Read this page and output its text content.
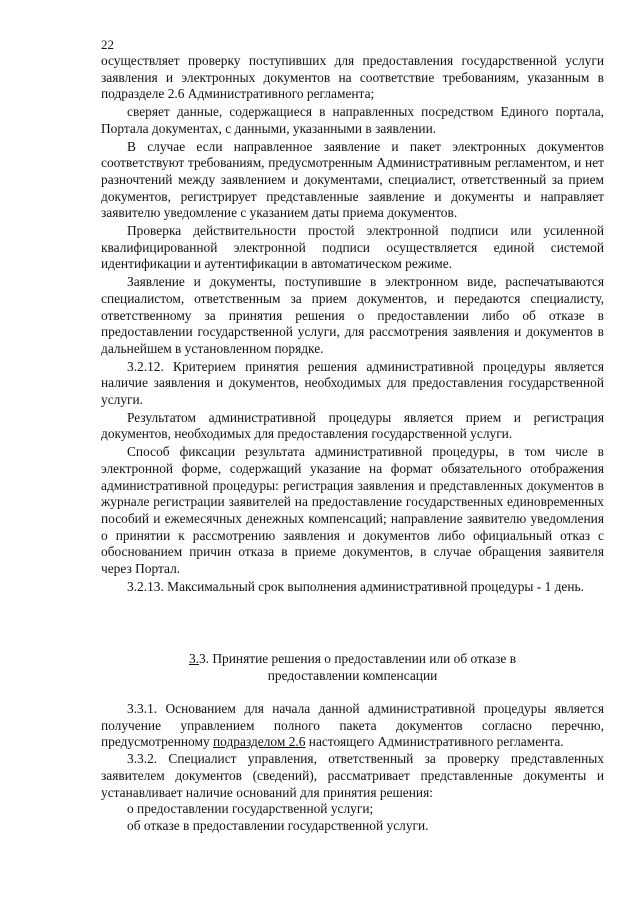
22

осуществляет проверку поступивших для предоставления государственной услуги заявления и электронных документов на соответствие требованиям, указанным в подразделе 2.6 Административного регламента;

сверяет данные, содержащиеся в направленных посредством Единого портала, Портала документах, с данными, указанными в заявлении.

В случае если направленное заявление и пакет электронных документов соответствуют требованиям, предусмотренным Административным регламентом, и нет разночтений между заявлением и документами, специалист, ответственный за прием документов, регистрирует представленные заявление и документы и направляет заявителю уведомление с указанием даты приема документов.

Проверка действительности простой электронной подписи или усиленной квалифицированной электронной подписи осуществляется единой системой идентификации и аутентификации в автоматическом режиме.

Заявление и документы, поступившие в электронном виде, распечатываются специалистом, ответственным за прием документов, и передаются специалисту, ответственному за принятия решения о предоставлении либо об отказе в предоставлении государственной услуги, для рассмотрения заявления и документов в дальнейшем в установленном порядке.

3.2.12. Критерием принятия решения административной процедуры является наличие заявления и документов, необходимых для предоставления государственной услуги.

Результатом административной процедуры является прием и регистрация документов, необходимых для предоставления государственной услуги.

Способ фиксации результата административной процедуры, в том числе в электронной форме, содержащий указание на формат обязательного отображения административной процедуры: регистрация заявления и представленных документов в журнале регистрации заявителей на предоставление государственных единовременных пособий и ежемесячных денежных компенсаций; направление заявителю уведомления о принятии к рассмотрению заявления и документов либо официальный отказ с обоснованием причин отказа в приеме документов, в случае обращения заявителя через Портал.

3.2.13. Максимальный срок выполнения административной процедуры - 1 день.

3.3. Принятие решения о предоставлении или об отказе в
предоставлении компенсации

3.3.1. Основанием для начала данной административной процедуры является получение управлением полного пакета документов согласно перечню, предусмотренному подразделом 2.6 настоящего Административного регламента.

3.3.2. Специалист управления, ответственный за проверку представленных заявителем документов (сведений), рассматривает представленные документы и устанавливает наличие оснований для принятия решения:

о предоставлении государственной услуги;

об отказе в предоставлении государственной услуги.
